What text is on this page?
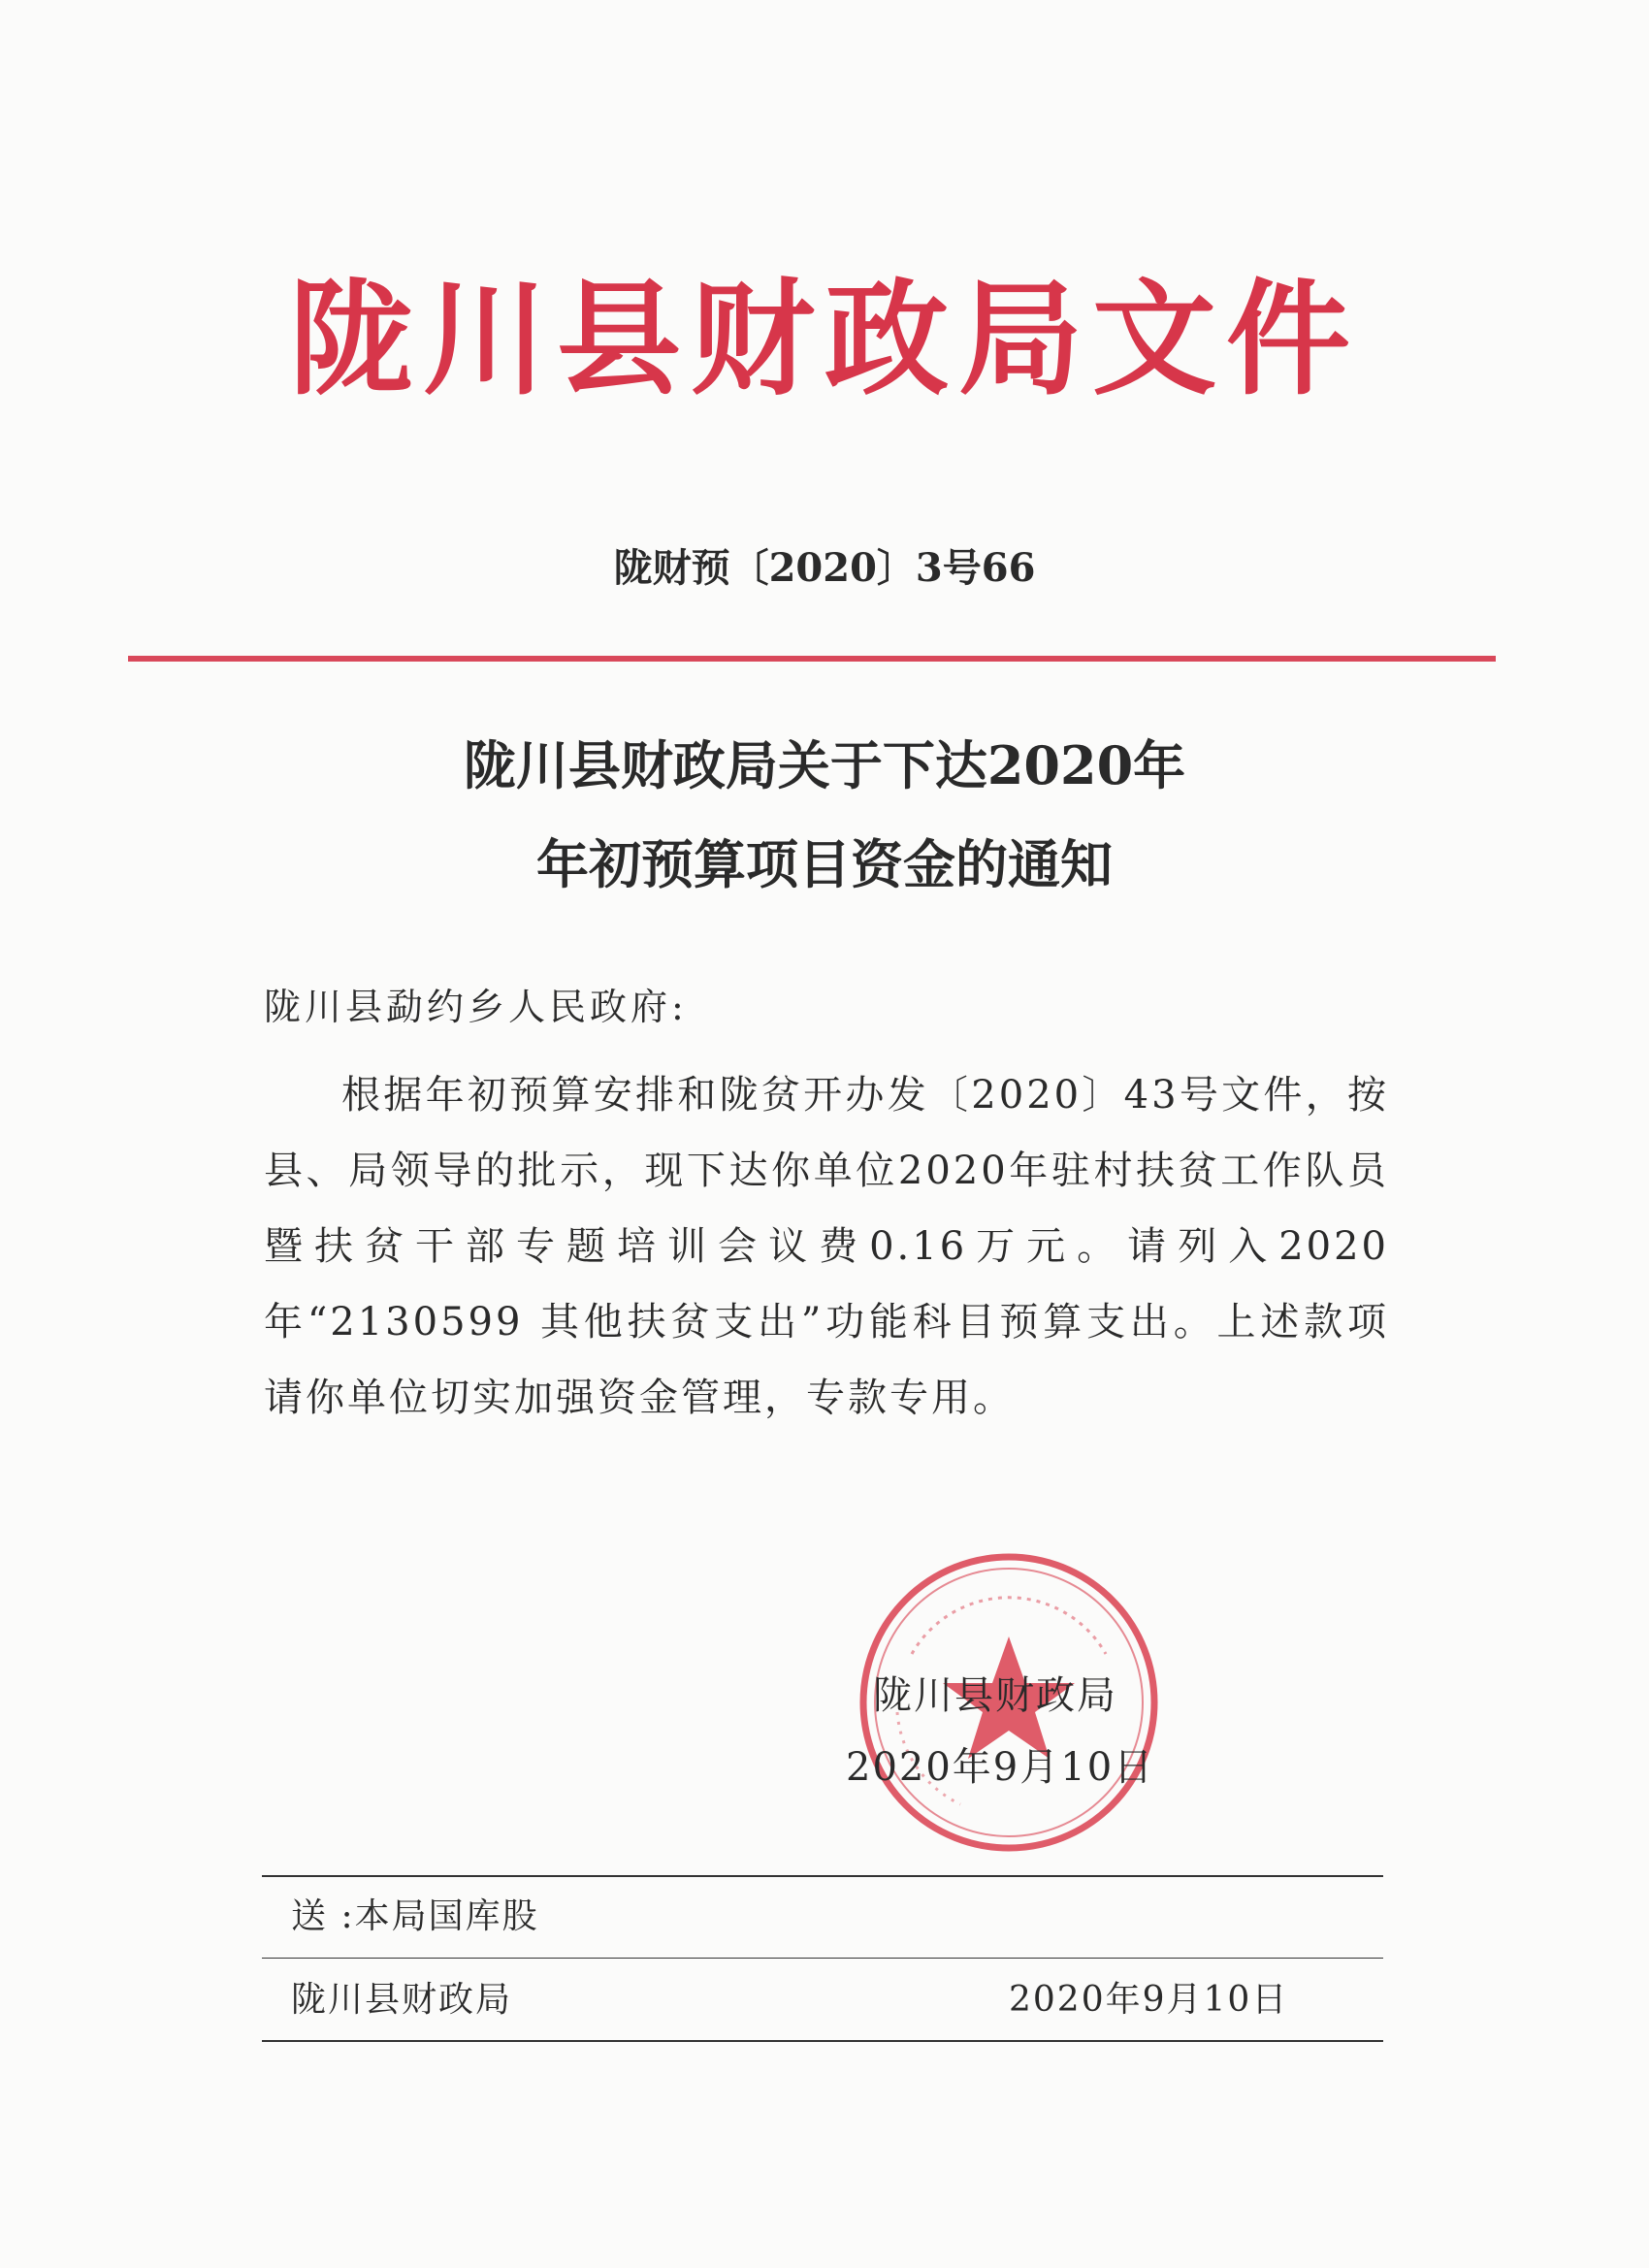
陇川县财政局文件
陇财预〔2020〕3号66
陇川县财政局关于下达2020年
年初预算项目资金的通知
陇川县勐约乡人民政府:
根据年初预算安排和陇贫开办发〔2020〕43号文件，按县、局领导的批示，现下达你单位2020年驻村扶贫工作队员暨扶贫干部专题培训会议费0.16万元。请列入2020年“2130599 其他扶贫支出”功能科目预算支出。上述款项请你单位切实加强资金管理，专款专用。
陇川县财政局
2020年9月10日
送 :本局国库股
陇川县财政局	2020年9月10日
